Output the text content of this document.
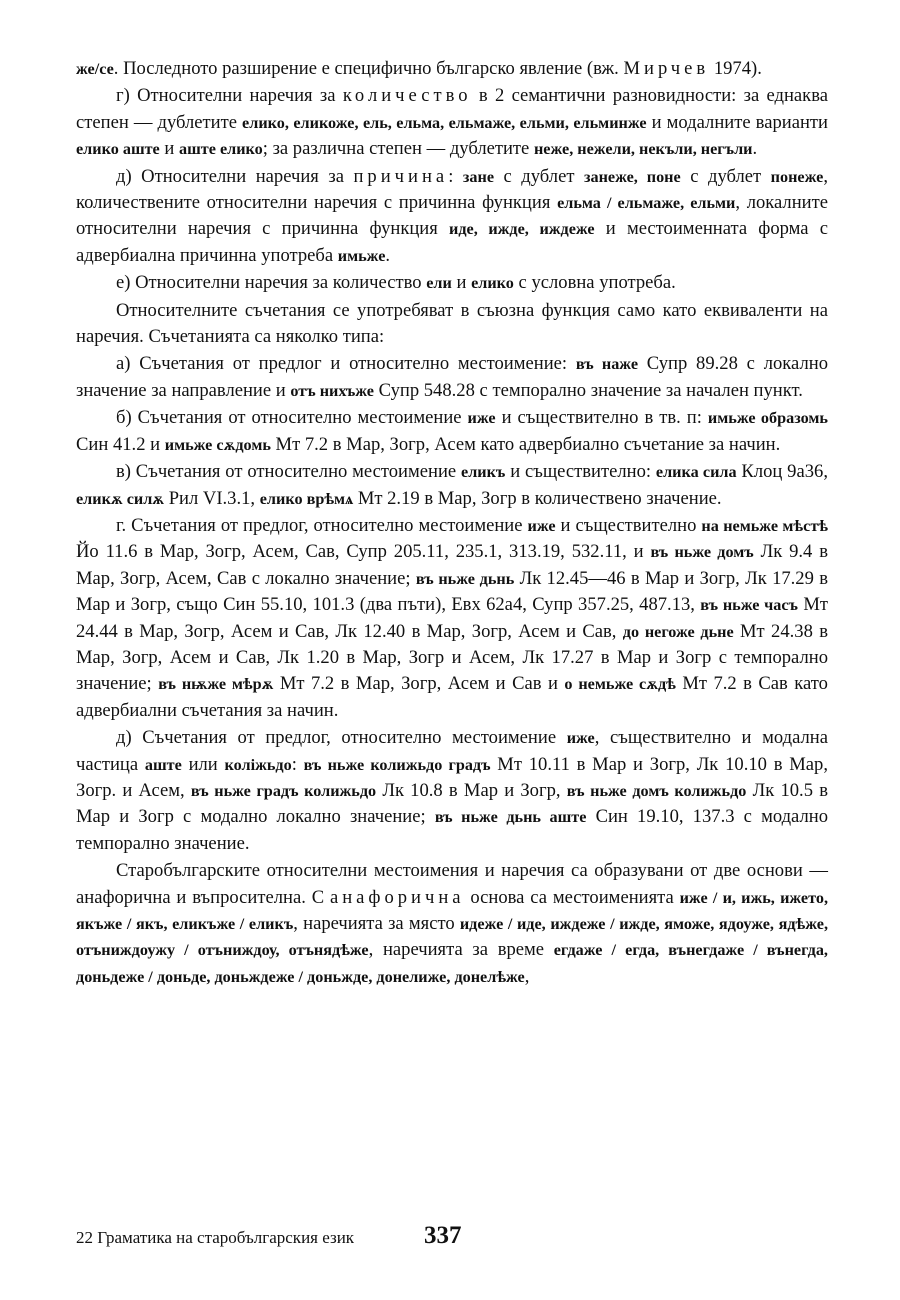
же/се. Последното разширение е специфично българско явление (вж. Мирчев 1974).

г) Относителни наречия за количество в 2 семантични разновидности: за еднаква степен — дублетите елико, еликоже, ель, ельма, ельмаже, ельми, ельминже и модалните варианти елико аште и аште елико; за различна степен — дублетите неже, нежели, некъли, негъли.

д) Относителни наречия за причина: зане с дублет занеже, поне с дублет понеже, количествените относителни наречия с причинна функция ельма / ельмаже, ельми, локалните относителни наречия с причинна функция иде, иждe, иждеже и местоименната форма с адвербиална причинна употреба имьже.

е) Относителни наречия за количество ели и елико с условна употреба.

Относителните съчетания се употребяват в съюзна функция само като еквиваленти на наречия. Съчетанията са няколко типа:

а) Съчетания от предлог и относително местоимение: въ наже Супр 89.28 с локално значение за направление и отъ нихъже Супр 548.28 с темпорално значение за начален пункт.

б) Съчетания от относително местоимение иже и съществително в тв. п: имьже образомь Син 41.2 и имьже сѫдомь Мт 7.2 в Мар, Зогр, Асем като адвербиално съчетание за начин.

в) Съчетания от относително местоимение еликъ и съществително: елика сила Клоц 9а36, еликѫ силѫ Рил VI.3.1, елико врѣмѧ Мт 2.19 в Мар, Зогр в количествено значение.

г. Съчетания от предлог, относително местоимение иже и съществително на немьже мѣстѣ Йо 11.6 в Мар, Зогр, Асем, Сав, Супр 205.11, 235.1, 313.19, 532.11, и въ ньже домъ Лк 9.4 в Мар, Зогр, Асем, Сав с локално значение; въ ньже дьнь Лк 12.45—46 в Мар и Зогр, Лк 17.29 в Мар и Зогр, също Син 55.10, 101.3 (два пъти), Евх 62а4, Супр 357.25, 487.13, въ ньже часъ Мт 24.44 в Мар, Зогр, Асем и Сав, Лк 12.40 в Мар, Зогр, Асем и Сав, до негоже дьне Мт 24.38 в Мар, Зогр, Асем и Сав, Лк 1.20 в Мар, Зогр и Асем, Лк 17.27 в Мар и Зогр с темпорално значение; въ нѭже мѣрѫ Мт 7.2 в Мар, Зогр, Асем и Сав и о немьже сѫдѣ Мт 7.2 в Сав като адвербиални съчетания за начин.

д) Съчетания от предлог, относително местоимение иже, съществително и модална частица аште или коліжьдо: въ ньже колижьдо градъ Мт 10.11 в Мар и Зогр, Лк 10.10 в Мар, Зогр. и Асем, въ ньже градъ колижьдо Лк 10.8 в Мар и Зогр, въ ньже домъ колижьдо Лк 10.5 в Мар и Зогр с модално локално значение; въ ньже дьнь аште Син 19.10, 137.3 с модално темпорално значение.

Старобългарските относителни местоимения и наречия са образувани от две основи — анафорична и въпросителна. С анафорична основа са местоименията иже / и, ижь, ижето, якъже / якъ, еликъже / еликъ, наречията за място идеже / иде, иждеже / ижде, яможе, ядоуже, ядѣже, отъниждоужу / отъниждоу, отънядѣже, наречията за време егдаже / егда, вънегдаже / вънегда, доньдеже / доньде, доньждеже / доньжде, донелиже, донелѣже,

22 Граматика на старобългарския език	337
